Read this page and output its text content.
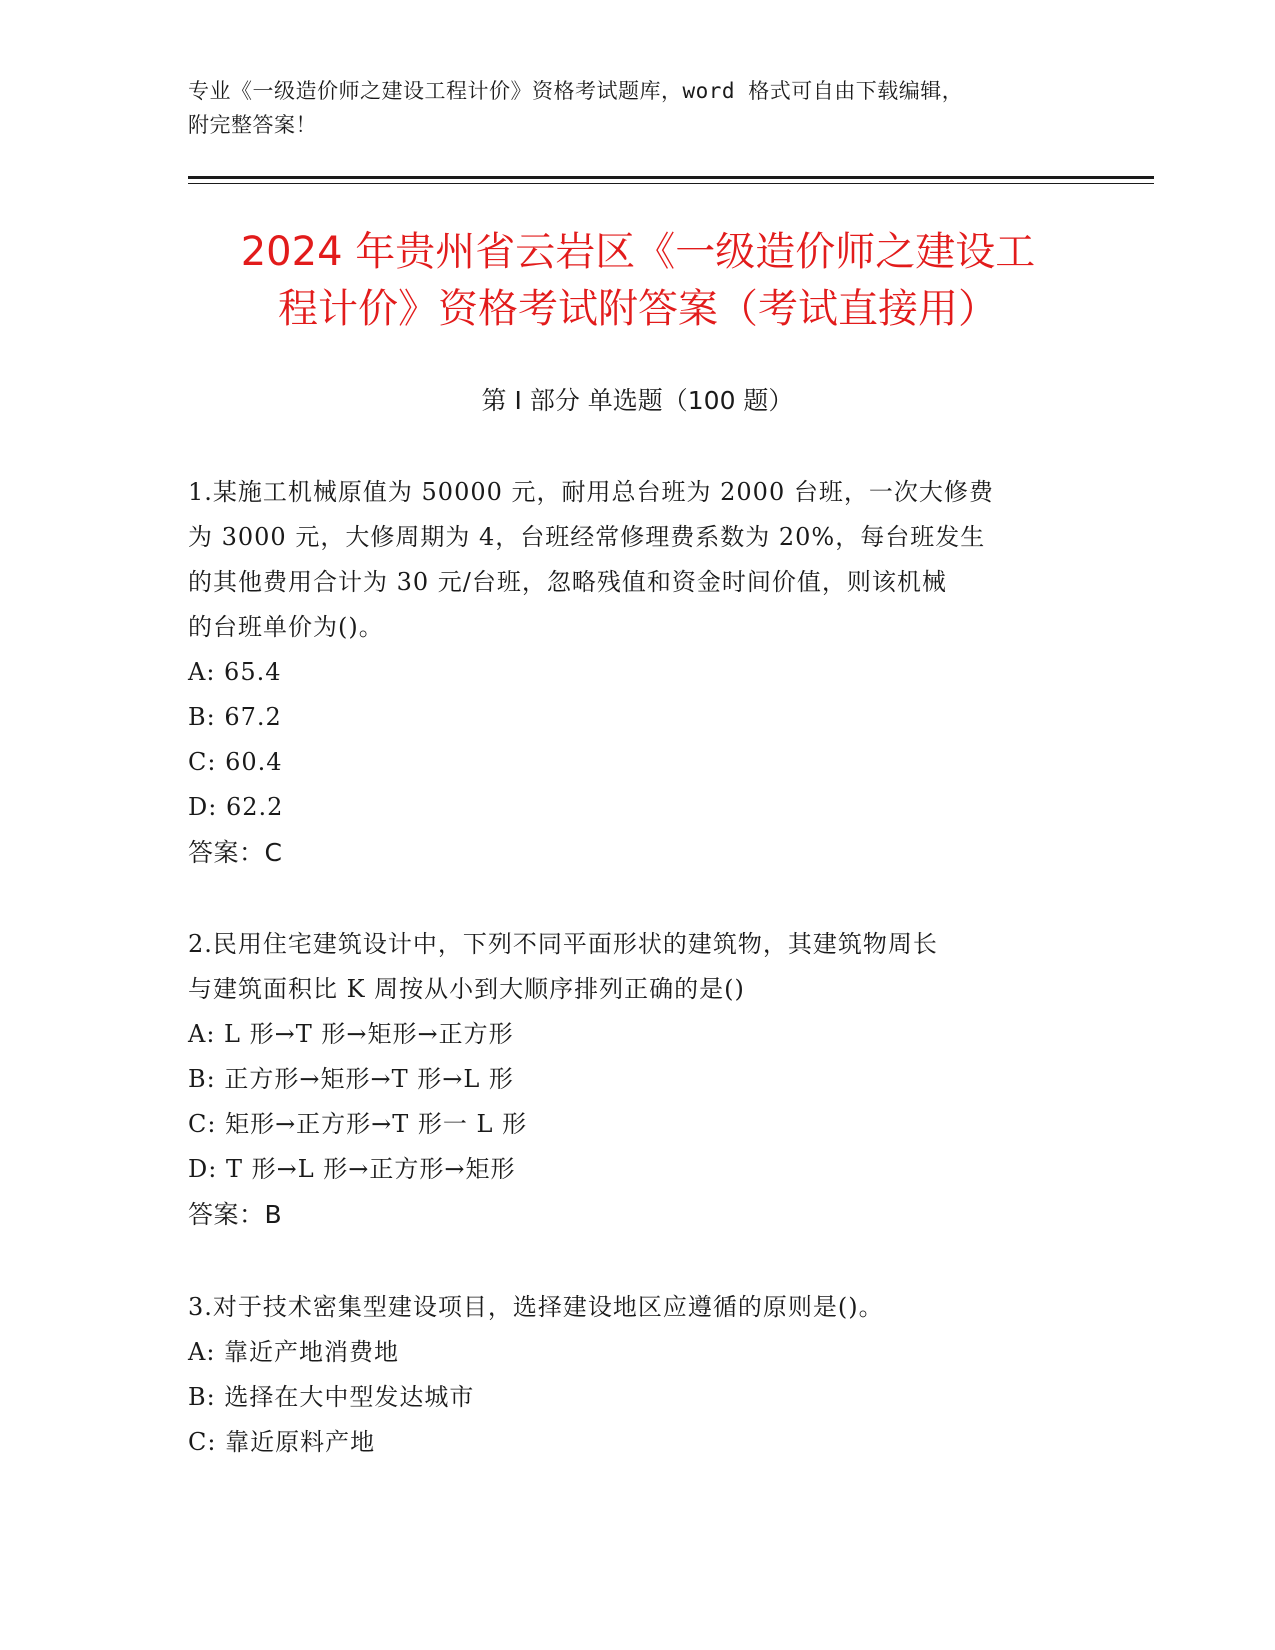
专业《一级造价师之建设工程计价》资格考试题库，word 格式可自由下载编辑，
附完整答案！
2024 年贵州省云岩区《一级造价师之建设工
程计价》资格考试附答案（考试直接用）
第 I 部分 单选题（100 题）

1.某施工机械原值为 50000 元，耐用总台班为 2000 台班，一次大修费

为 3000 元，大修周期为 4，台班经常修理费系数为 20%，每台班发生

的其他费用合计为 30 元/台班，忽略残值和资金时间价值，则该机械

的台班单价为()。

A: 65.4

B: 67.2

C: 60.4

D: 62.2

答案：C

2.民用住宅建筑设计中，下列不同平面形状的建筑物，其建筑物周长

与建筑面积比 K 周按从小到大顺序排列正确的是()

A: L 形→T 形→矩形→正方形

B: 正方形→矩形→T 形→L 形

C: 矩形→正方形→T 形一 L 形

D: T 形→L 形→正方形→矩形

答案：B

3.对于技术密集型建设项目，选择建设地区应遵循的原则是()。

A: 靠近产地消费地

B: 选择在大中型发达城市

C: 靠近原料产地
